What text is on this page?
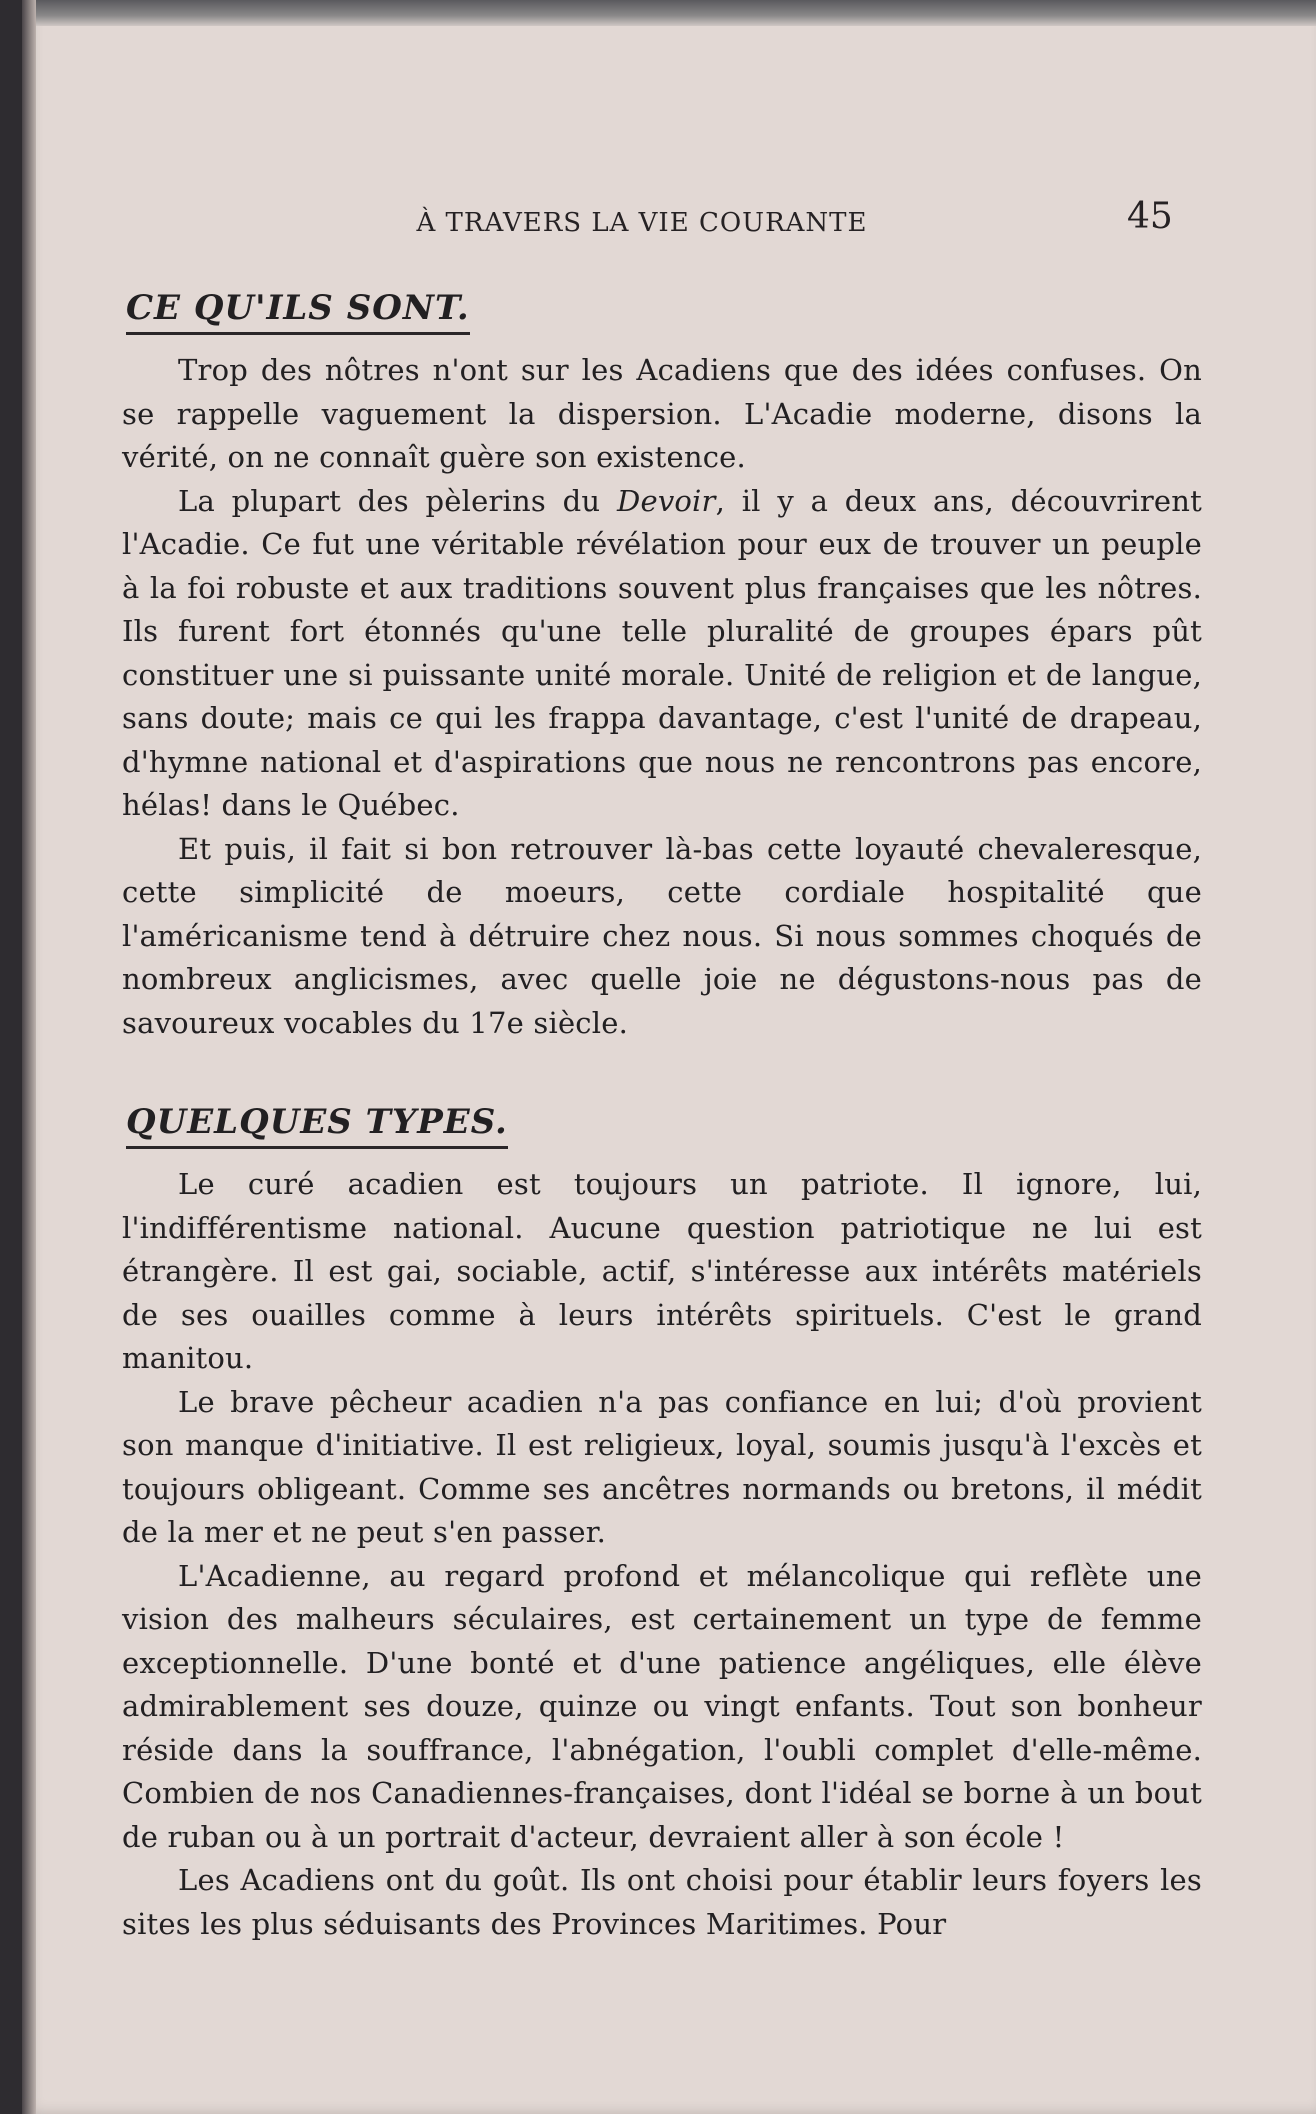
À TRAVERS LA VIE COURANTE	45
CE QU'ILS SONT.

Trop des nôtres n'ont sur les Acadiens que des idées confuses. On se rappelle vaguement la dispersion. L'Acadie moderne, disons la vérité, on ne connaît guère son existence.

La plupart des pèlerins du Devoir, il y a deux ans, découvrirent l'Acadie. Ce fut une véritable révélation pour eux de trouver un peuple à la foi robuste et aux traditions souvent plus françaises que les nôtres. Ils furent fort étonnés qu'une telle pluralité de groupes épars pût constituer une si puissante unité morale. Unité de religion et de langue, sans doute; mais ce qui les frappa davantage, c'est l'unité de drapeau, d'hymne national et d'aspirations que nous ne rencontrons pas encore, hélas! dans le Québec.

Et puis, il fait si bon retrouver là-bas cette loyauté chevaleresque, cette simplicité de moeurs, cette cordiale hospitalité que l'américanisme tend à détruire chez nous. Si nous sommes choqués de nombreux anglicismes, avec quelle joie ne dégustons-nous pas de savoureux vocables du 17e siècle.

QUELQUES TYPES.

Le curé acadien est toujours un patriote. Il ignore, lui, l'indifférentisme national. Aucune question patriotique ne lui est étrangère. Il est gai, sociable, actif, s'intéresse aux intérêts matériels de ses ouailles comme à leurs intérêts spirituels. C'est le grand manitou.

Le brave pêcheur acadien n'a pas confiance en lui; d'où provient son manque d'initiative. Il est religieux, loyal, soumis jusqu'à l'excès et toujours obligeant. Comme ses ancêtres normands ou bretons, il médit de la mer et ne peut s'en passer.

L'Acadienne, au regard profond et mélancolique qui reflète une vision des malheurs séculaires, est certainement un type de femme exceptionnelle. D'une bonté et d'une patience angéliques, elle élève admirablement ses douze, quinze ou vingt enfants. Tout son bonheur réside dans la souffrance, l'abnégation, l'oubli complet d'elle-même. Combien de nos Canadiennes-françaises, dont l'idéal se borne à un bout de ruban ou à un portrait d'acteur, devraient aller à son école !

Les Acadiens ont du goût. Ils ont choisi pour établir leurs foyers les sites les plus séduisants des Provinces Maritimes. Pour
